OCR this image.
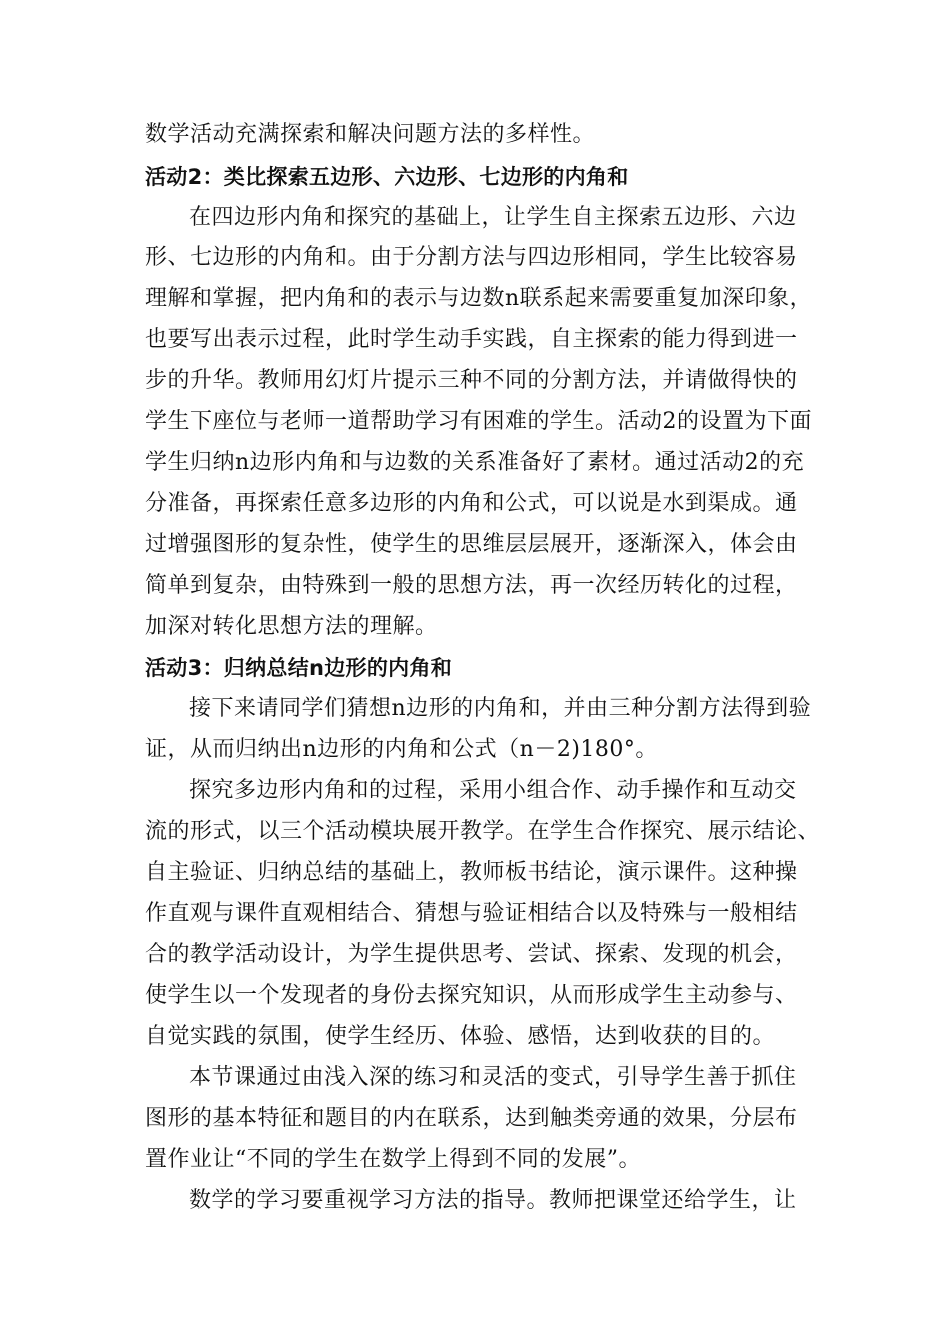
数学活动充满探索和解决问题方法的多样性。
活动2：类比探索五边形、六边形、七边形的内角和
在四边形内角和探究的基础上，让学生自主探索五边形、六边
形、七边形的内角和。由于分割方法与四边形相同，学生比较容易
理解和掌握，把内角和的表示与边数n联系起来需要重复加深印象，
也要写出表示过程，此时学生动手实践，自主探索的能力得到进一
步的升华。教师用幻灯片提示三种不同的分割方法，并请做得快的
学生下座位与老师一道帮助学习有困难的学生。活动2的设置为下面
学生归纳n边形内角和与边数的关系准备好了素材。通过活动2的充
分准备，再探索任意多边形的内角和公式，可以说是水到渠成。通
过增强图形的复杂性，使学生的思维层层展开，逐渐深入，体会由
简单到复杂，由特殊到一般的思想方法，再一次经历转化的过程，
加深对转化思想方法的理解。
活动3：归纳总结n边形的内角和
接下来请同学们猜想n边形的内角和，并由三种分割方法得到验
证，从而归纳出n边形的内角和公式（n－2)180°。
探究多边形内角和的过程，采用小组合作、动手操作和互动交
流的形式，以三个活动模块展开教学。在学生合作探究、展示结论、
自主验证、归纳总结的基础上，教师板书结论，演示课件。这种操
作直观与课件直观相结合、猜想与验证相结合以及特殊与一般相结
合的教学活动设计，为学生提供思考、尝试、探索、发现的机会，
使学生以一个发现者的身份去探究知识，从而形成学生主动参与、
自觉实践的氛围，使学生经历、体验、感悟，达到收获的目的。
本节课通过由浅入深的练习和灵活的变式，引导学生善于抓住
图形的基本特征和题目的内在联系，达到触类旁通的效果，分层布
置作业让“不同的学生在数学上得到不同的发展”。
数学的学习要重视学习方法的指导。教师把课堂还给学生，让
